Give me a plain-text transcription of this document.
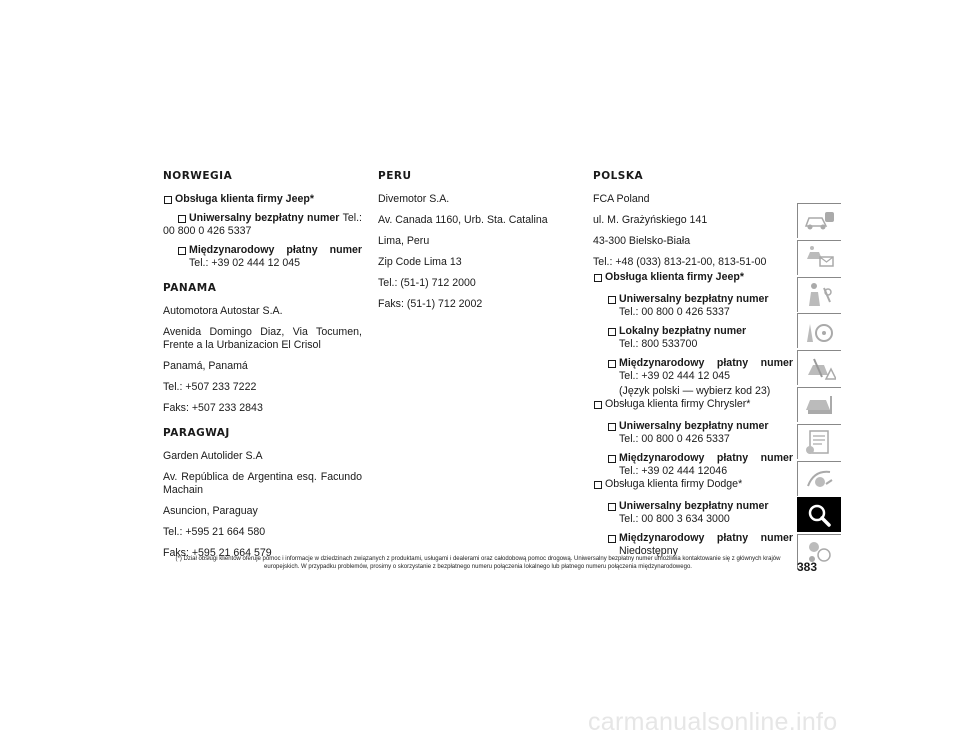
NORWEGIA
Obsługa klienta firmy Jeep*
Uniwersalny bezpłatny numer Tel.:
00 800 0 426 5337
Międzynarodowy płatny numer
Tel.: +39 02 444 12 045
PANAMA
Automotora Autostar S.A.
Avenida Domingo Diaz, Via Tocumen, Frente a la Urbanizacion El Crisol
Panamá, Panamá
Tel.: +507 233 7222
Faks: +507 233 2843
PARAGWAJ
Garden Autolider S.A
Av. República de Argentina esq. Facundo Machain
Asuncion, Paraguay
Tel.: +595 21 664 580
Faks: +595 21 664 579
PERU
Divemotor S.A.
Av. Canada 1160, Urb. Sta. Catalina
Lima, Peru
Zip Code Lima 13
Tel.: (51-1) 712 2000
Faks: (51-1) 712 2002
POLSKA
FCA Poland
ul. M. Grażyńskiego 141
43-300 Bielsko-Biała
Tel.: +48 (033) 813-21-00, 813-51-00
Obsługa klienta firmy Jeep*
Uniwersalny bezpłatny numer
Tel.: 00 800 0 426 5337
Lokalny bezpłatny numer
Tel.: 800 533700
Międzynarodowy płatny numer
Tel.: +39 02 444 12 045
(Język polski — wybierz kod 23)
Obsługa klienta firmy Chrysler*
Uniwersalny bezpłatny numer
Tel.: 00 800 0 426 5337
Międzynarodowy płatny numer
Tel.: +39 02 444 12046
Obsługa klienta firmy Dodge*
Uniwersalny bezpłatny numer
Tel.: 00 800 3 634 3000
Międzynarodowy płatny numer
Niedostępny
(*) Dział obsługi klientów oferuje pomoc i informacje w dziedzinach związanych z produktami, usługami i dealerami oraz całodobową pomoc drogową. Uniwersalny bezpłatny numer umożliwia kontaktowanie się z głównych krajów europejskich. W przypadku problemów, prosimy o skorzystanie z bezpłatnego numeru połączenia lokalnego lub płatnego numeru połączenia międzynarodowego.	383
carmanualsonline.info
